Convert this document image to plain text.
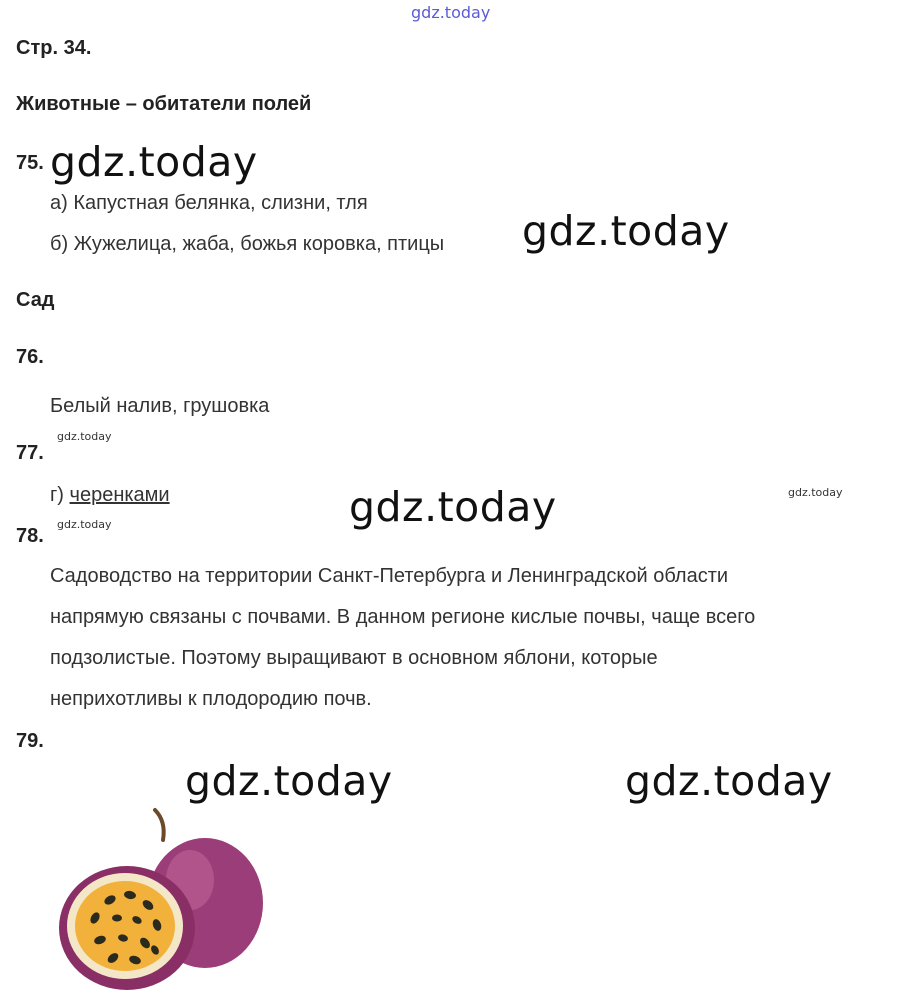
gdz.today
Стр. 34.
Животные – обитатели полей
75. gdz.today
а) Капустная белянка, слизни, тля
б) Жужелица, жаба, божья коровка, птицы gdz.today
Сад
76.
Белый налив, грушовка
gdz.today
77.
г) черенками	gdz.today	gdz.today
gdz.today
78.
Садоводство на территории Санкт-Петербурга и Ленинградской области
напрямую связаны с почвами. В данном регионе кислые почвы, чаще всего
подзолистые. Поэтому выращивают в основном яблони, которые
неприхотливы к плодородию почв.
79.
gdz.today	gdz.today
